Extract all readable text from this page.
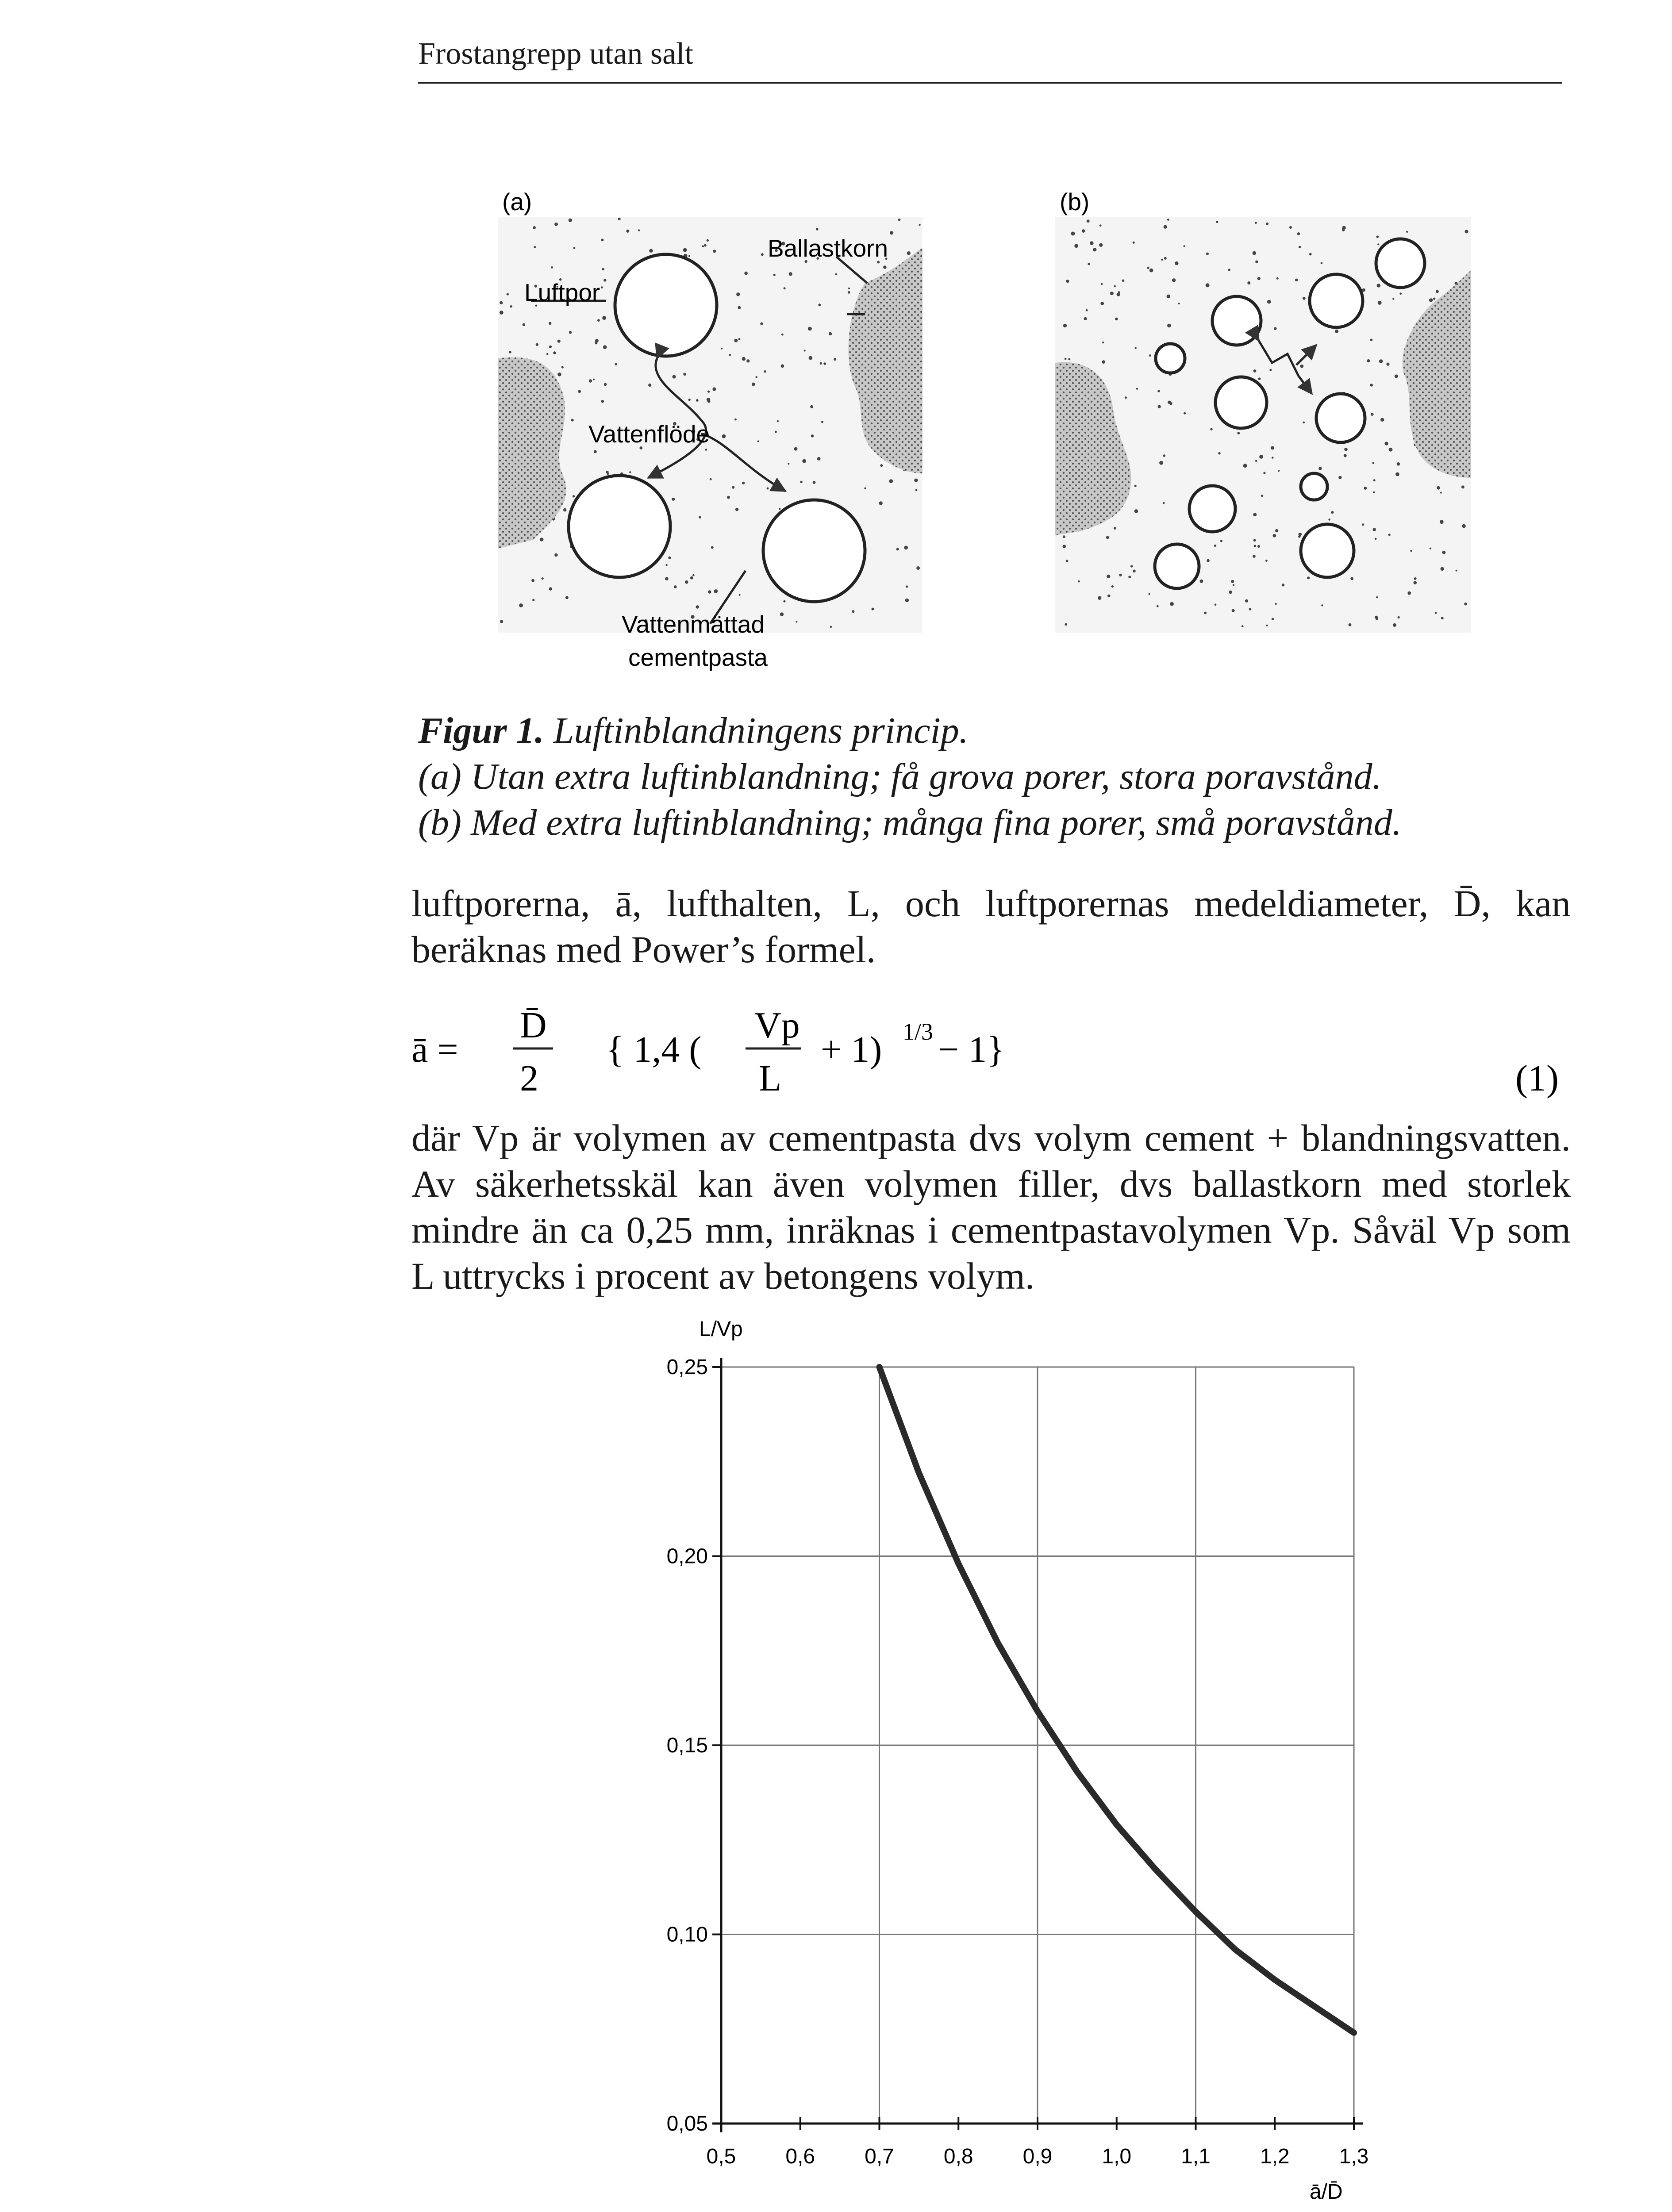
Frostangrepp utan salt
(a)
Luftpor
Ballastkorn
Vattenflöde
Vattenmättad
cementpasta
(b)
Figur 1. Luftinblandningens princip.
(a) Utan extra luftinblandning; få grova porer, stora poravstånd.
(b) Med extra luftinblandning; många fina porer, små poravstånd.
luftporerna, ā, lufthalten, L, och luftporernas medeldiameter, D̄, kan beräknas med Power’s formel.
ā =
D̄
2
{ 1,4 (
Vp
L
+ 1) 1/3 − 1}
(1)
där Vp är volymen av cementpasta dvs volym cement + blandningsvatten. Av säkerhetsskäl kan även volymen filler, dvs ballastkorn med storlek mindre än ca 0,25 mm, inräknas i cementpastavolymen Vp. Såväl Vp som L uttrycks i procent av betongens volym.
0,5 0,6 0,7 0,8 0,9 1,0 1,1 1,2 1,3
0,05
0,10
0,15
0,20
0,25
L/Vp
ā/D̄
